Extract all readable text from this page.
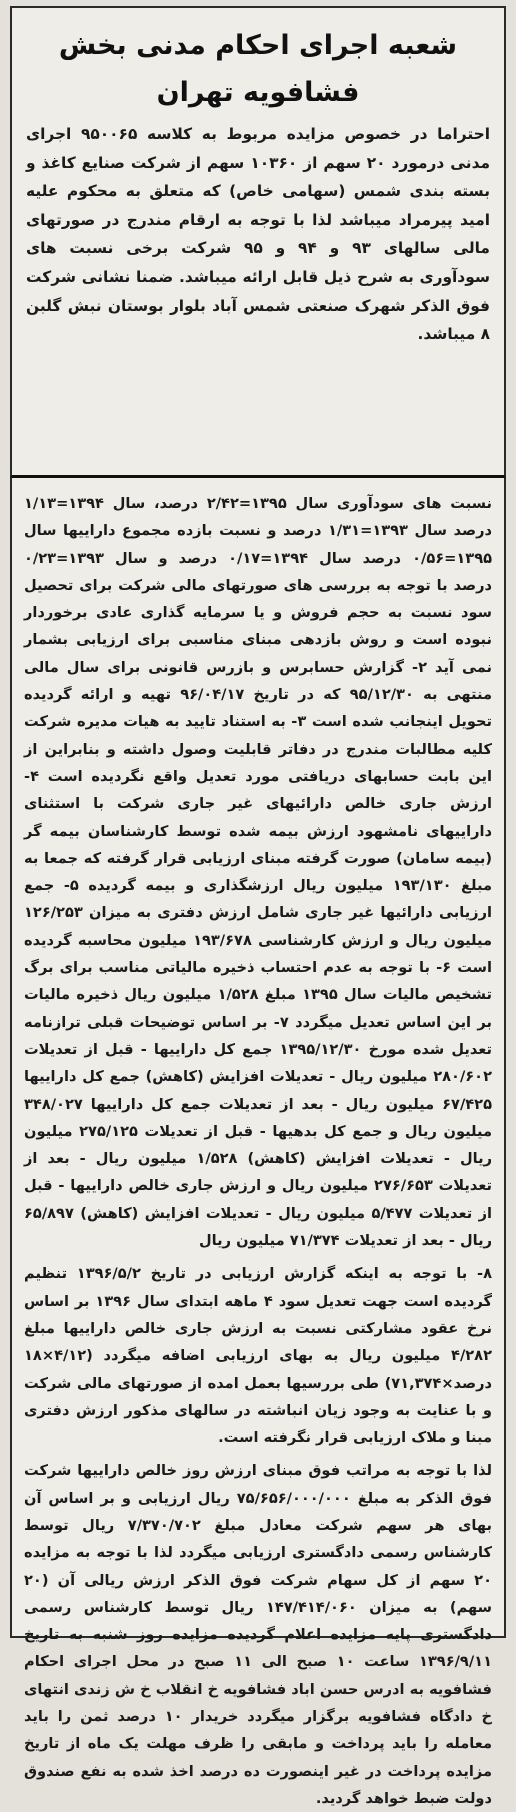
شعبه اجرای احکام مدنی بخش فشافویه تهران

احتراما در خصوص مزایده مربوط به کلاسه ۹۵۰۰۶۵ اجرای مدنی درمورد ۲۰ سهم از ۱۰۳۶۰ سهم از شرکت صنایع کاغذ و بسته بندی شمس (سهامی خاص) که متعلق به محکوم علیه امید پیرمراد میباشد لذا با توجه به ارقام مندرج در صورتهای مالی سالهای ۹۳ و ۹۴ و ۹۵ شرکت برخی نسبت های سودآوری به شرح ذیل قابل ارائه میباشد. ضمنا نشانی شرکت فوق الذکر شهرک صنعتی شمس آباد بلوار بوستان نبش گلبن ۸ میباشد.

نسبت های سودآوری سال ۱۳۹۵=۲/۴۲ درصد، سال ۱۳۹۴=۱/۱۳ درصد سال ۱۳۹۳=۱/۳۱ درصد و نسبت بازده مجموع داراییها سال ۱۳۹۵=۰/۵۶ درصد سال ۱۳۹۴=۰/۱۷ درصد و سال ۱۳۹۳=۰/۲۳ درصد با توجه به بررسی های صورتهای مالی شرکت برای تحصیل سود نسبت به حجم فروش و یا سرمایه گذاری عادی برخوردار نبوده است و روش بازدهی مبنای مناسبی برای ارزیابی بشمار نمی آید ۲- گزارش حسابرس و بازرس قانونی برای سال مالی منتهی به ۹۵/۱۲/۳۰ که در تاریخ ۹۶/۰۴/۱۷ تهیه و ارائه گردیده تحویل اینجانب شده است ۳- به استناد تایید به هیات مدیره شرکت کلیه مطالبات مندرج در دفاتر قابلیت وصول داشته و بنابراین از این بابت حسابهای دریافتی مورد تعدیل واقع نگردیده است ۴- ارزش جاری خالص دارائیهای غیر جاری شرکت با استثنای داراییهای نامشهود ارزش بیمه شده توسط کارشناسان بیمه گر (بیمه سامان) صورت گرفته مبنای ارزیابی قرار گرفته که جمعا به مبلغ ۱۹۳/۱۳۰ میلیون ریال ارزشگذاری و بیمه گردیده ۵- جمع ارزیابی دارائیها غیر جاری شامل ارزش دفتری به میزان ۱۲۶/۲۵۳ میلیون ریال و ارزش کارشناسی ۱۹۳/۶۷۸ میلیون محاسبه گردیده است ۶- با توجه به عدم احتساب ذخیره مالیاتی مناسب برای برگ تشخیص مالیات سال ۱۳۹۵ مبلغ ۱/۵۲۸ میلیون ریال ذخیره مالیات بر این اساس تعدیل میگردد ۷- بر اساس توضیحات قبلی ترازنامه تعدیل شده مورخ ۱۳۹۵/۱۲/۳۰ جمع کل داراییها - قبل از تعدیلات ۲۸۰/۶۰۲ میلیون ریال - تعدیلات افزایش (کاهش) جمع کل داراییها ۶۷/۴۲۵ میلیون ریال - بعد از تعدیلات جمع کل داراییها ۳۴۸/۰۲۷ میلیون ریال و جمع کل بدهیها - قبل از تعدیلات ۲۷۵/۱۲۵ میلیون ریال - تعدیلات افزایش (کاهش) ۱/۵۲۸ میلیون ریال - بعد از تعدیلات ۲۷۶/۶۵۳ میلیون ریال و ارزش جاری خالص داراییها - قبل از تعدیلات ۵/۴۷۷ میلیون ریال - تعدیلات افزایش (کاهش) ۶۵/۸۹۷ ریال - بعد از تعدیلات ۷۱/۳۷۴ میلیون ریال

۸- با توجه به اینکه گزارش ارزیابی در تاریخ ۱۳۹۶/۵/۲ تنظیم گردیده است جهت تعدیل سود ۴ ماهه ابتدای سال ۱۳۹۶ بر اساس نرخ عقود مشارکتی نسبت به ارزش جاری خالص داراییها مبلغ ۴/۲۸۲ میلیون ریال به بهای ارزیابی اضافه میگردد (۴/۱۲×۱۸ درصد×۷۱,۳۷۴) طی بررسیها بعمل امده از صورتهای مالی شرکت و با عنایت به وجود زیان انباشته در سالهای مذکور ارزش دفتری مبنا و ملاک ارزیابی قرار نگرفته است.

لذا با توجه به مراتب فوق مبنای ارزش روز خالص داراییها شرکت فوق الذکر به مبلغ ۷۵/۶۵۶/۰۰۰/۰۰۰ ریال ارزیابی و بر اساس آن بهای هر سهم شرکت معادل مبلغ ۷/۳۷۰/۷۰۲ ریال توسط کارشناس رسمی دادگستری ارزیابی میگردد لذا با توجه به مزایده ۲۰ سهم از کل سهام شرکت فوق الذکر ارزش ریالی آن (۲۰ سهم) به میزان ۱۴۷/۴۱۴/۰۶۰ ریال توسط کارشناس رسمی دادگستری پایه مزایده اعلام گردیده مزایده روز شنبه به تاریخ ۱۳۹۶/۹/۱۱ ساعت ۱۰ صبح الی ۱۱ صبح در محل اجرای احکام فشافویه به ادرس حسن اباد فشافویه خ انقلاب خ ش زندی انتهای خ دادگاه فشافویه برگزار میگردد خریدار ۱۰ درصد ثمن را باید معامله را باید پرداخت و مابقی را ظرف مهلت یک ماه از تاریخ مزایده پرداخت در غیر اینصورت ده درصد اخذ شده به نفع صندوق دولت ضبط خواهد گردید.
